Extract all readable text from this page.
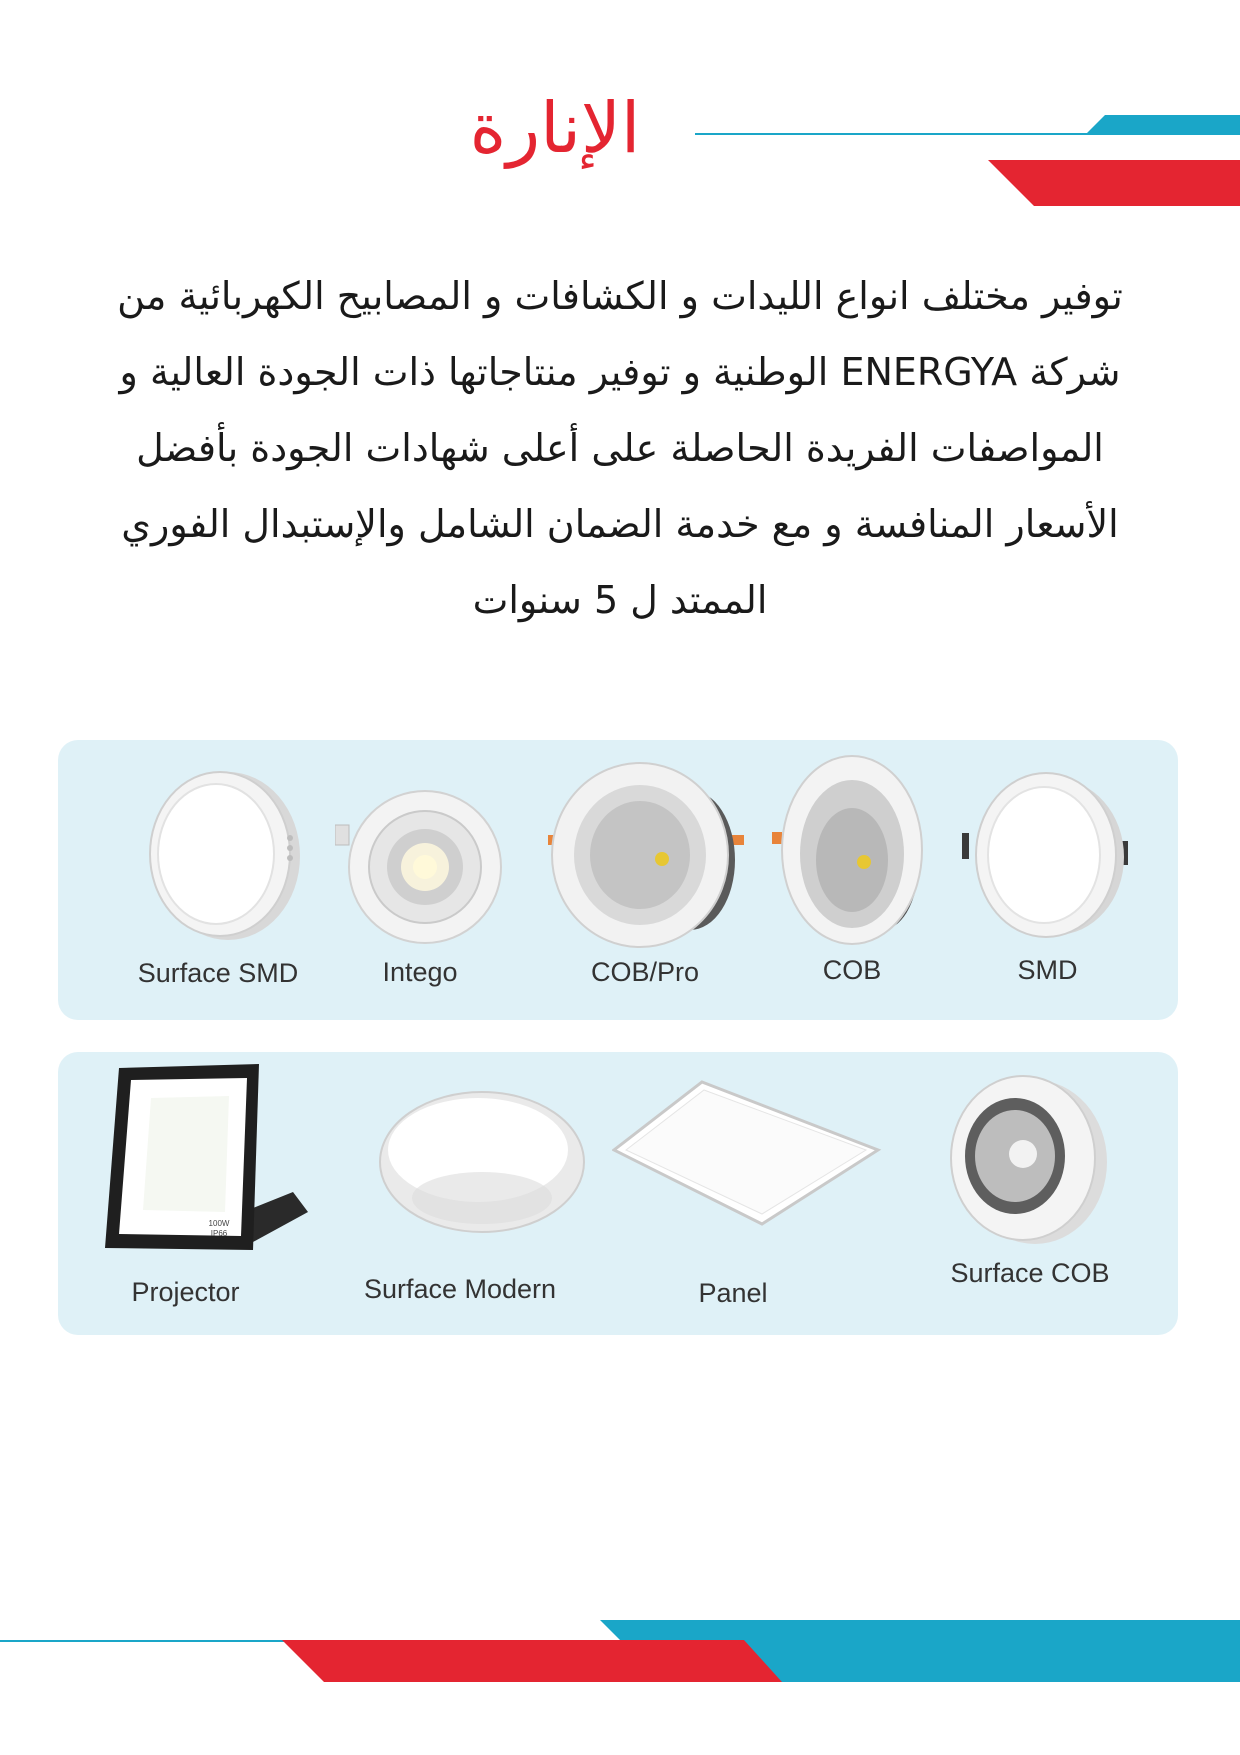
الإنارة

توفير مختلف انواع الليدات و الكشافات و المصابيح الكهربائية من شركة ENERGYA الوطنية و توفير منتاجاتها ذات الجودة العالية و المواصفات الفريدة الحاصلة على أعلى شهادات الجودة بأفضل الأسعار المنافسة و مع خدمة الضمان الشامل والإستبدال الفوري الممتد ل 5 سنوات

Surface SMD	Intego	COB/Pro	COB	SMD
100W
IP66
Projector	Surface Modern	Panel
Surface COB
